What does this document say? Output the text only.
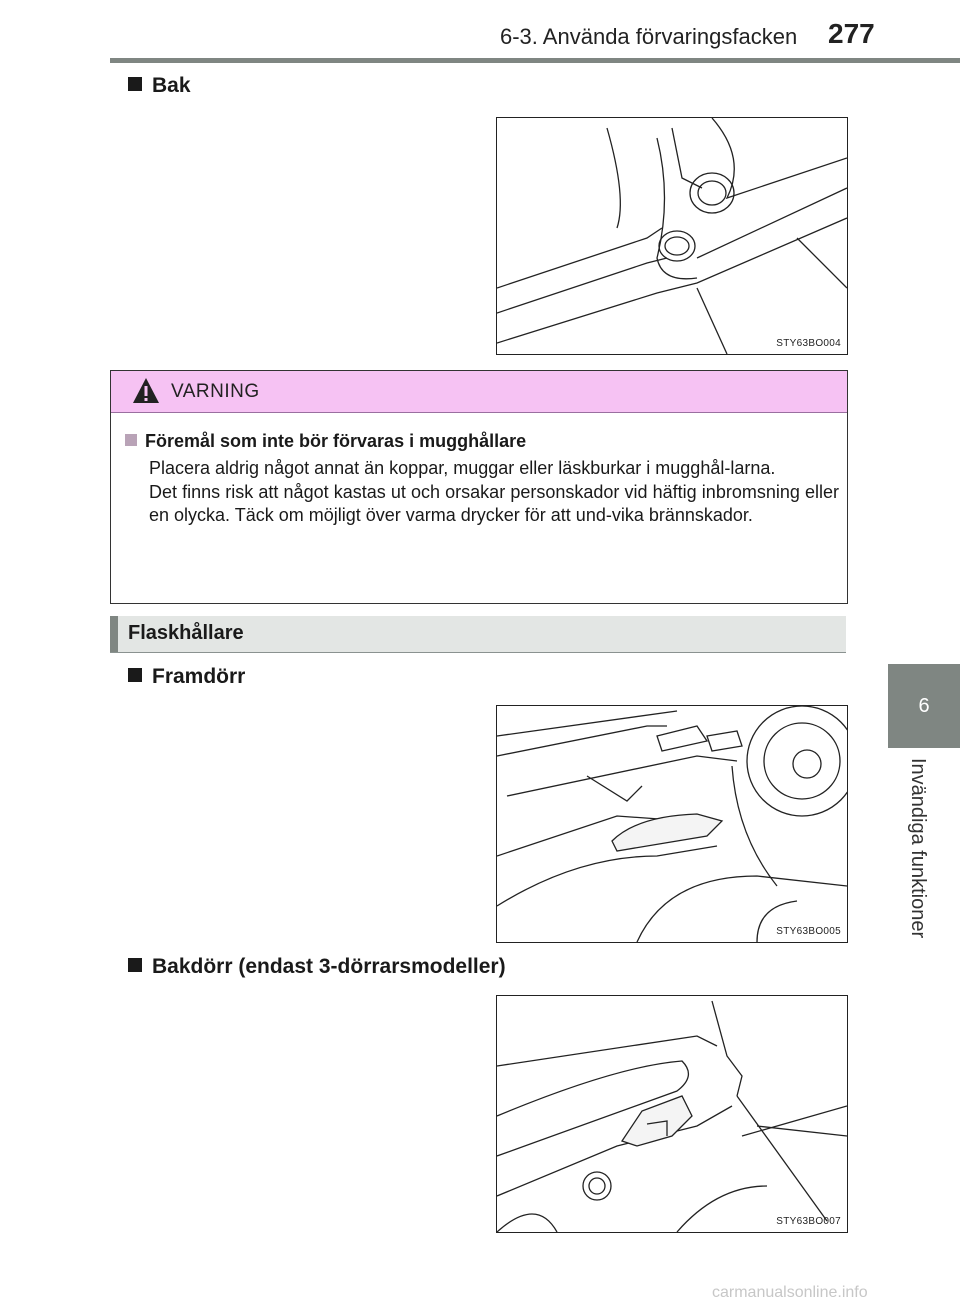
6-3. Använda förvaringsfacken 277
6
Invändiga funktioner
Bak
STY63BO004
VARNING
Föremål som inte bör förvaras i mugghållare

Placera aldrig något annat än koppar, muggar eller läskburkar i mugghål-larna.

Det finns risk att något kastas ut och orsakar personskador vid häftig inbromsning eller en olycka. Täck om möjligt över varma drycker för att und-vika brännskador.

Flaskhållare
Framdörr
STY63BO005
Bakdörr (endast 3-dörrarsmodeller)
STY63BO007
carmanualsonline.info
